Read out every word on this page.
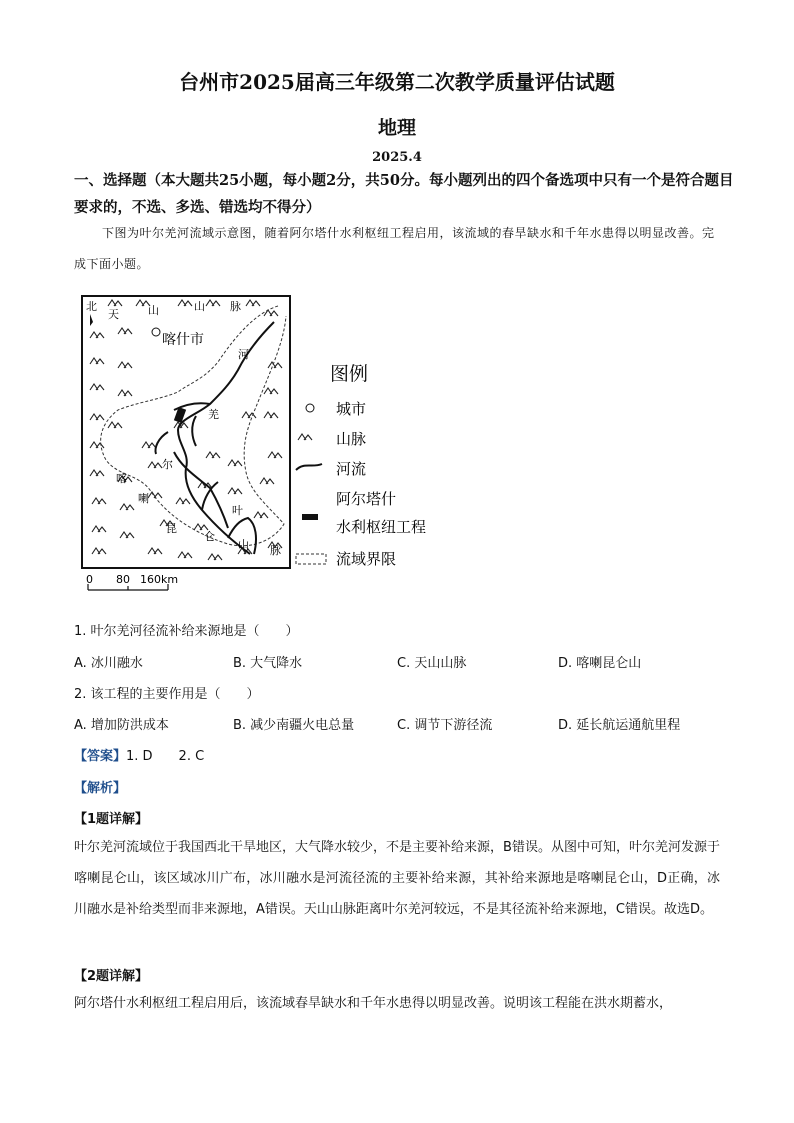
台州市2025届高三年级第二次教学质量评估试题
地理
2025.4
一、选择题（本大题共25小题，每小题2分，共50分。每小题列出的四个备选项中只有一个是符合题目要求的，不选、多选、错选均不得分）
下图为叶尔羌河流域示意图，随着阿尔塔什水利枢纽工程启用，该流域的春旱缺水和千年水患得以明显改善。完成下面小题。
北
天	山	山 脉
喀什市
河
羌
尔
喀
喇
昆
仑
叶
山 脉
0 80 160km
图例
城市
山脉
河流
阿尔塔什
水利枢纽工程
流域界限
1. 叶尔羌河径流补给来源地是（　　）
A. 冰川融水	B. 大气降水	C. 天山山脉	D. 喀喇昆仑山
2. 该工程的主要作用是（　　）
A. 增加防洪成本	B. 减少南疆火电总量	C. 调节下游径流	D. 延长航运通航里程
【答案】1. D　　2. C
【解析】
【1题详解】
叶尔羌河流域位于我国西北干旱地区，大气降水较少，不是主要补给来源，B错误。从图中可知，叶尔羌河发源于喀喇昆仑山，该区域冰川广布，冰川融水是河流径流的主要补给来源，其补给来源地是喀喇昆仑山，D正确，冰川融水是补给类型而非来源地，A错误。天山山脉距离叶尔羌河较远，不是其径流补给来源地，C错误。故选D。
【2题详解】
阿尔塔什水利枢纽工程启用后，该流域春旱缺水和千年水患得以明显改善。说明该工程能在洪水期蓄水，
